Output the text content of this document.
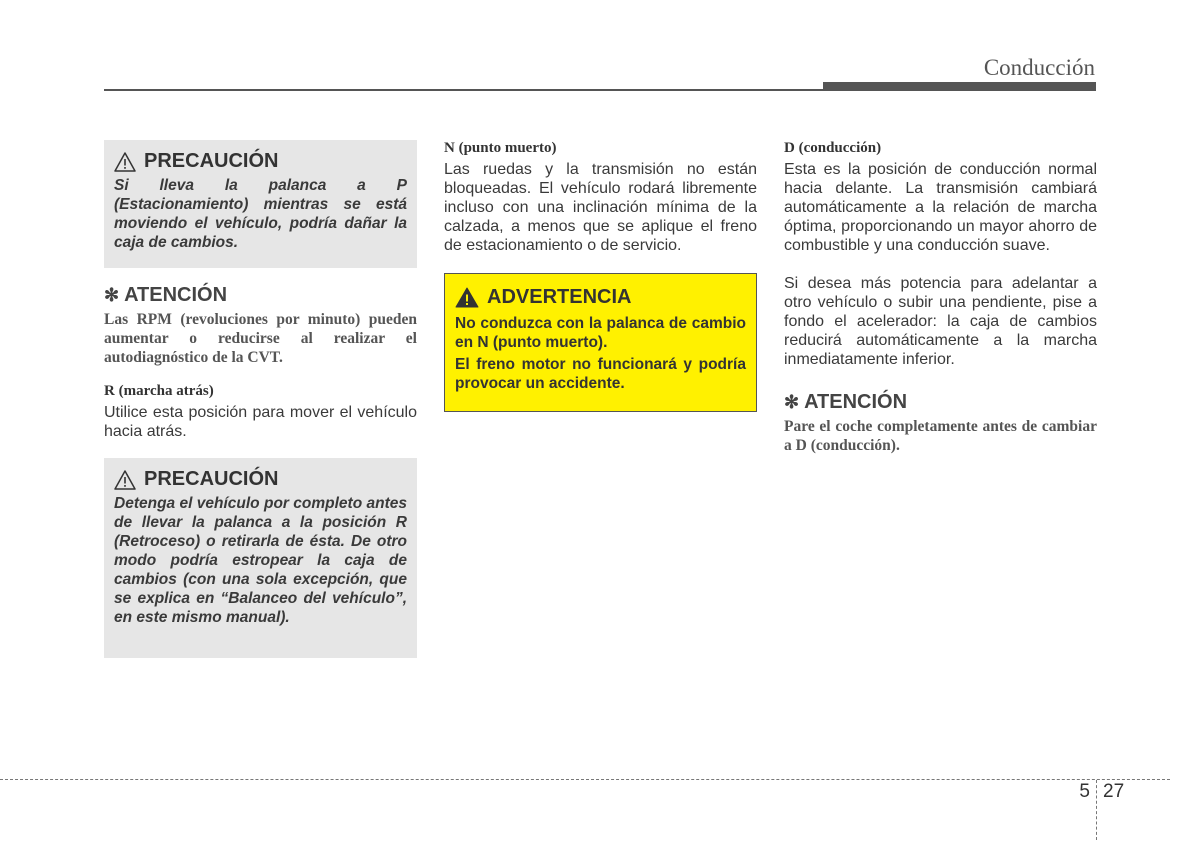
Conducción
PRECAUCIÓN
Si lleva la palanca a P (Estacionamiento) mientras se está moviendo el vehículo, podría dañar la caja de cambios.
✻ ATENCIÓN

Las RPM (revoluciones por minuto) pueden aumentar o reducirse al realizar el autodiagnóstico de la CVT.

R (marcha atrás)

Utilice esta posición para mover el vehículo hacia atrás.

PRECAUCIÓN
Detenga el vehículo por completo antes de llevar la palanca a la posición R (Retroceso) o retirarla de ésta. De otro modo podría estropear la caja de cambios (con una sola excepción, que se explica en “Balanceo del vehículo”, en este mismo manual).

N (punto muerto)

Las ruedas y la transmisión no están bloqueadas. El vehículo rodará libremente incluso con una inclinación mínima de la calzada, a menos que se aplique el freno de estacionamiento o de servicio.

ADVERTENCIA

No conduzca con la palanca de cambio en N (punto muerto).

El freno motor no funcionará y podría provocar un accidente.

D (conducción)

Esta es la posición de conducción normal hacia delante. La transmisión cambiará automáticamente a la relación de marcha óptima, proporcionando un mayor ahorro de combustible y una conducción suave.

Si desea más potencia para adelantar a otro vehículo o subir una pendiente, pise a fondo el acelerador: la caja de cambios reducirá automáticamente a la marcha inmediatamente inferior.

✻ ATENCIÓN

Pare el coche completamente antes de cambiar a D (conducción).

5 27
